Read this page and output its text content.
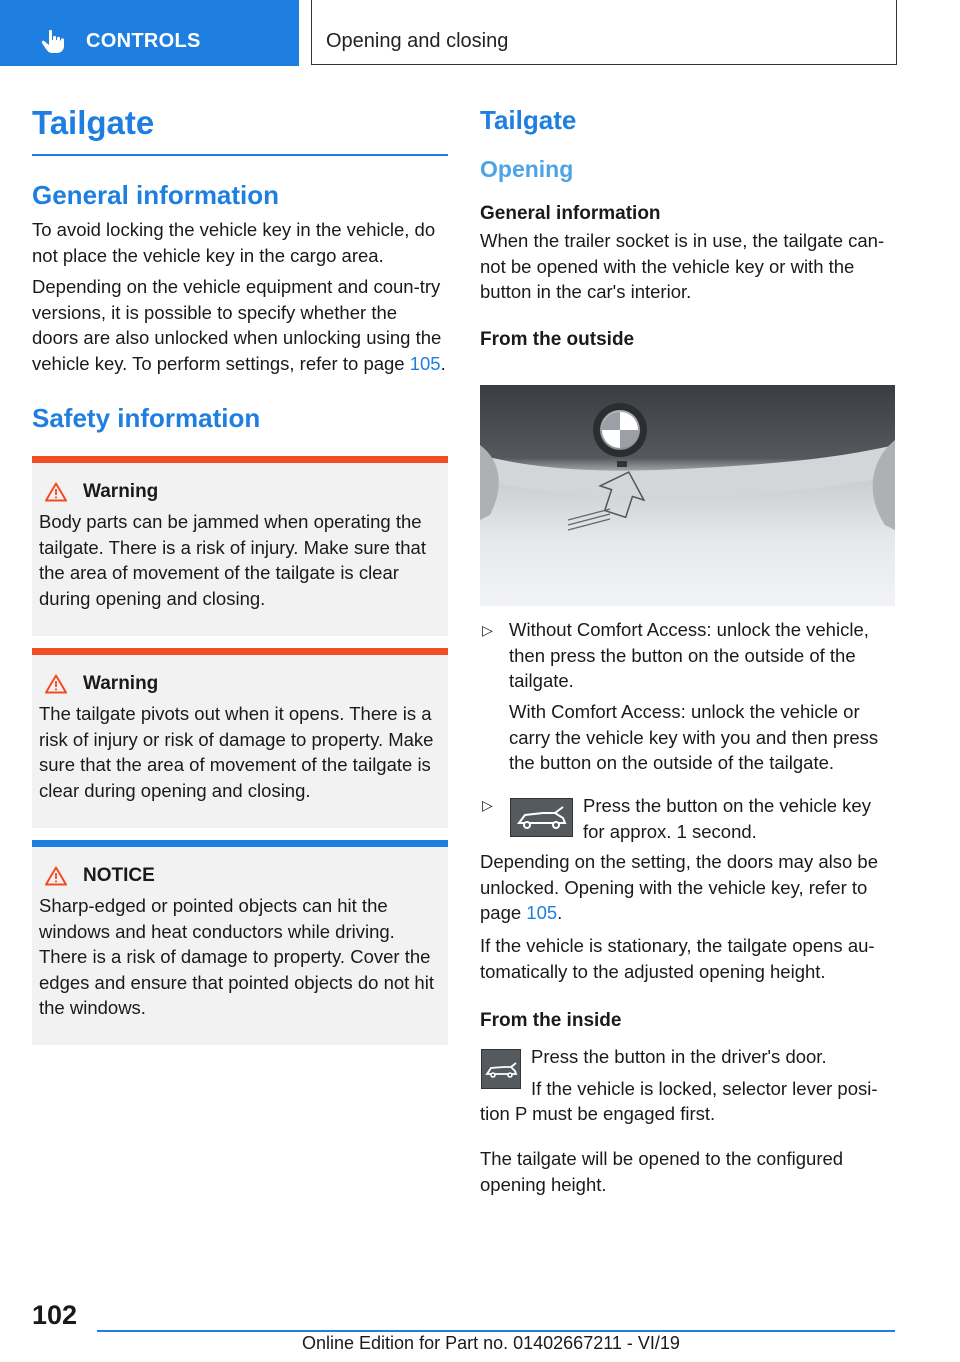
CONTROLS	Opening and closing
Tailgate
General information

To avoid locking the vehicle key in the vehicle, do not place the vehicle key in the cargo area.

Depending on the vehicle equipment and coun-try versions, it is possible to specify whether the doors are also unlocked when unlocking using the vehicle key. To perform settings, refer to page 105.

Safety information
Warning

Body parts can be jammed when operating the tailgate. There is a risk of injury. Make sure that the area of movement of the tailgate is clear during opening and closing.

Warning

The tailgate pivots out when it opens. There is a risk of injury or risk of damage to property. Make sure that the area of movement of the tailgate is clear during opening and closing.

NOTICE

Sharp-edged or pointed objects can hit the windows and heat conductors while driving. There is a risk of damage to property. Cover the edges and ensure that pointed objects do not hit the windows.

Tailgate
Opening
General information

When the trailer socket is in use, the tailgate can-not be opened with the vehicle key or with the button in the car's interior.

From the outside
▷ Without Comfort Access: unlock the vehicle, then press the button on the outside of the tailgate.
With Comfort Access: unlock the vehicle or carry the vehicle key with you and then press the button on the outside of the tailgate.
▷	Press the button on the vehicle key for approx. 1 second.
Depending on the setting, the doors may also be unlocked. Opening with the vehicle key, refer to page 105.
If the vehicle is stationary, the tailgate opens au-tomatically to the adjusted opening height.
From the inside
Press the button in the driver's door.
If the vehicle is locked, selector lever posi-
tion P must be engaged first.
The tailgate will be opened to the configured opening height.
102
Online Edition for Part no. 01402667211 - VI/19
